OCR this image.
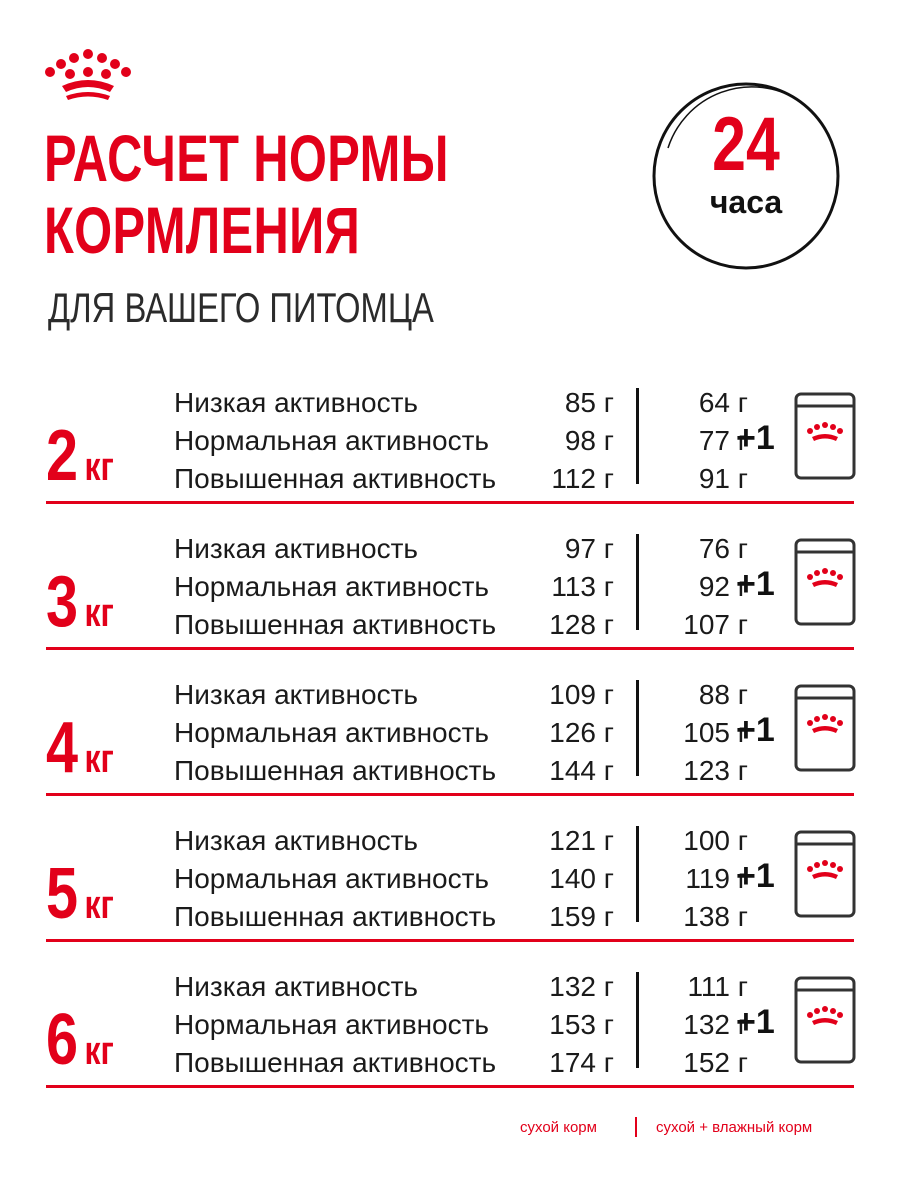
РАСЧЕТ НОРМЫ
КОРМЛЕНИЯ
ДЛЯ ВАШЕГО ПИТОМЦА
24
часа
2 кг
Низкая активность	85 г	64 г
Нормальная активность	98 г	77 г
Повышенная активность	112 г	91 г
+1
3 кг
Низкая активность	97 г	76 г
Нормальная активность	113 г	92 г
Повышенная активность	128 г	107 г
+1
4 кг
Низкая активность	109 г	88 г
Нормальная активность	126 г	105 г
Повышенная активность	144 г	123 г
+1
5 кг
Низкая активность	121 г	100 г
Нормальная активность	140 г	119 г
Повышенная активность	159 г	138 г
+1
6 кг
Низкая активность	132 г	111 г
Нормальная активность	153 г	132 г
Повышенная активность	174 г	152 г
+1
сухой корм	сухой + влажный корм
